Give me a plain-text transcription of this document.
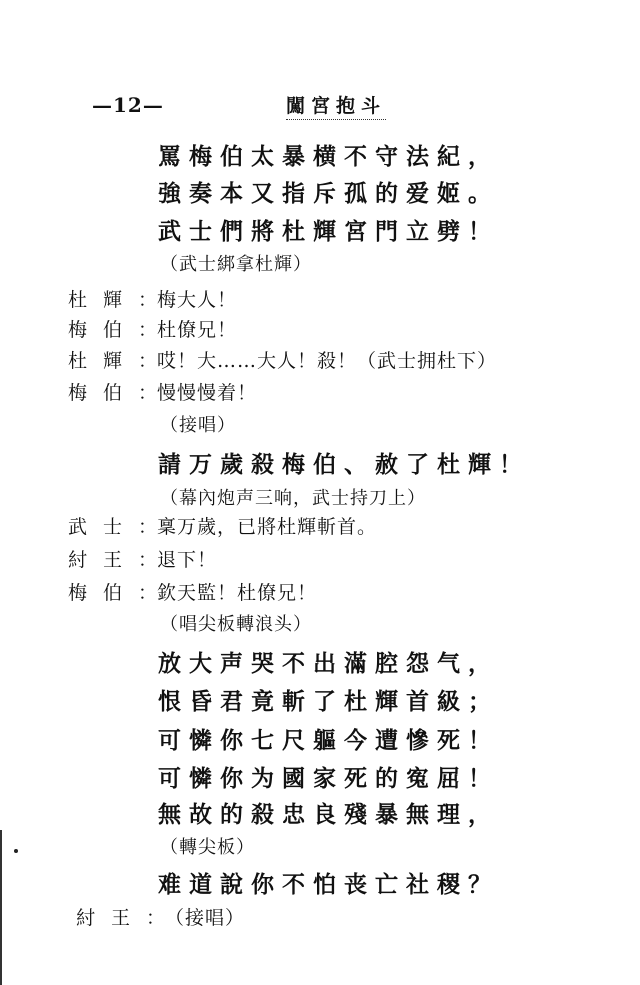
—12—	闖宮抱斗
罵梅伯太暴横不守法紀，
強奏本又指斥孤的爱姬。
武士們將杜輝宮門立劈！
（武士綁拿杜輝）
杜輝 ： 梅大人！
梅伯 ： 杜僚兄！
杜輝 ： 哎！大……大人！殺！（武士拥杜下）
梅伯 ： 慢慢慢着！
（接唱）
請万歲殺梅伯、赦了杜輝！
（幕內炮声三响，武士持刀上）
武士 ： 稟万歲，已將杜輝斬首。
紂王 ： 退下！
梅伯 ： 欽天監！杜僚兄！
（唱尖板轉浪头）
放大声哭不出滿腔怨气，
恨昏君竟斬了杜輝首級；
可憐你七尺軀今遭慘死！
可憐你为國家死的寃屈！
無故的殺忠良殘暴無理，
（轉尖板）
难道說你不怕丧亡社稷？
紂王 ： （接唱）
